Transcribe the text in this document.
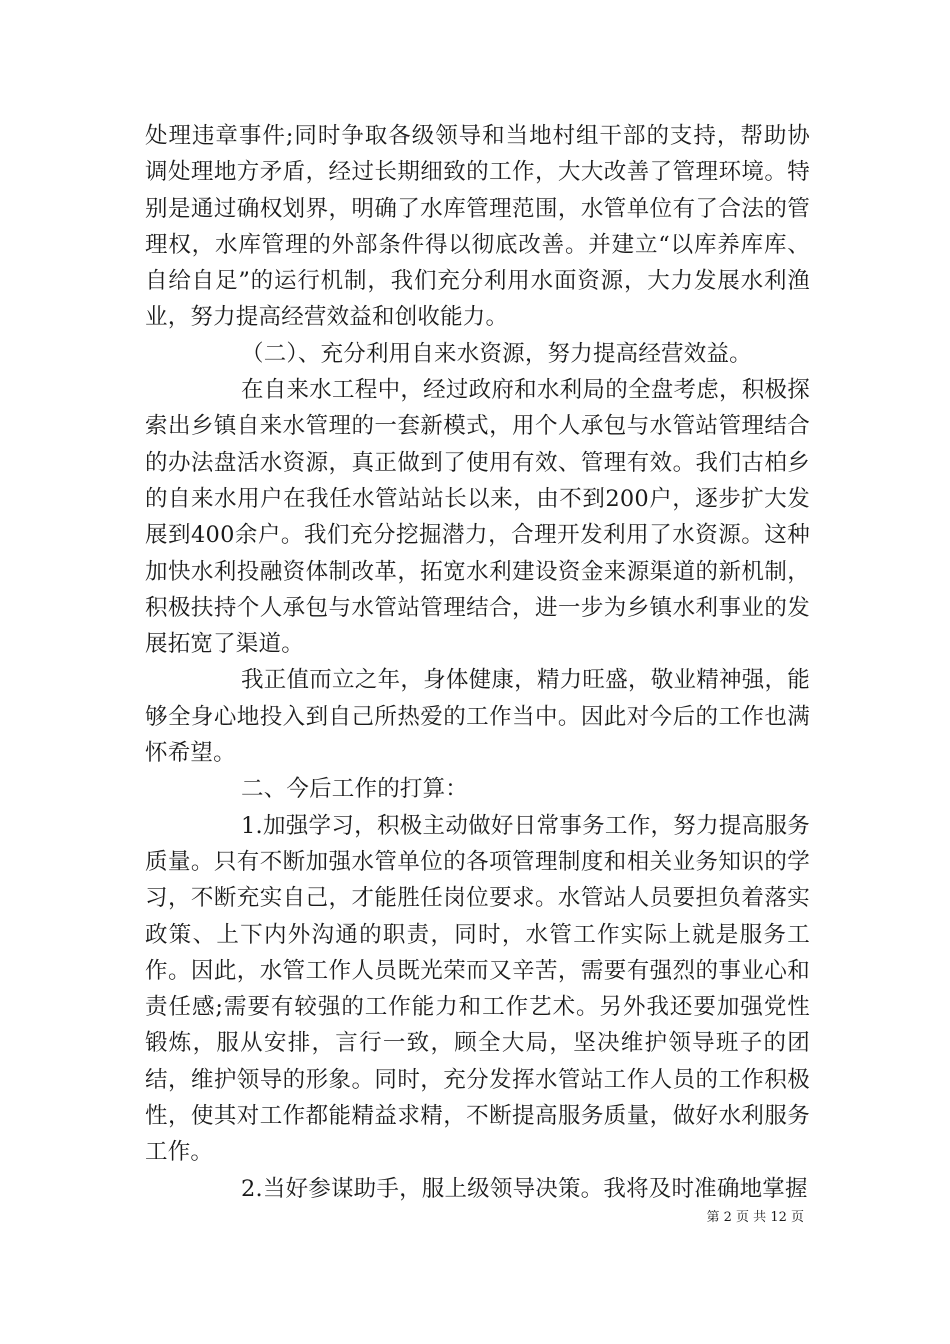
处理违章事件;同时争取各级领导和当地村组干部的支持，帮助协调处理地方矛盾，经过长期细致的工作，大大改善了管理环境。特别是通过确权划界，明确了水库管理范围，水管单位有了合法的管理权，水库管理的外部条件得以彻底改善。并建立“以库养库库、自给自足”的运行机制，我们充分利用水面资源，大力发展水利渔业，努力提高经营效益和创收能力。

（二）、充分利用自来水资源，努力提高经营效益。

在自来水工程中，经过政府和水利局的全盘考虑，积极探索出乡镇自来水管理的一套新模式，用个人承包与水管站管理结合的办法盘活水资源，真正做到了使用有效、管理有效。我们古柏乡的自来水用户在我任水管站站长以来，由不到200户，逐步扩大发展到400余户。我们充分挖掘潜力，合理开发利用了水资源。这种加快水利投融资体制改革，拓宽水利建设资金来源渠道的新机制，积极扶持个人承包与水管站管理结合，进一步为乡镇水利事业的发展拓宽了渠道。

我正值而立之年，身体健康，精力旺盛，敬业精神强，能够全身心地投入到自己所热爱的工作当中。因此对今后的工作也满怀希望。

二、今后工作的打算：

1.加强学习，积极主动做好日常事务工作，努力提高服务质量。只有不断加强水管单位的各项管理制度和相关业务知识的学习，不断充实自己，才能胜任岗位要求。水管站人员要担负着落实政策、上下内外沟通的职责，同时，水管工作实际上就是服务工作。因此，水管工作人员既光荣而又辛苦，需要有强烈的事业心和责任感;需要有较强的工作能力和工作艺术。另外我还要加强党性锻炼，服从安排，言行一致，顾全大局，坚决维护领导班子的团结，维护领导的形象。同时，充分发挥水管站工作人员的工作积极性，使其对工作都能精益求精，不断提高服务质量，做好水利服务工作。

2.当好参谋助手，服上级领导决策。我将及时准确地掌握

第 2 页 共 12 页
